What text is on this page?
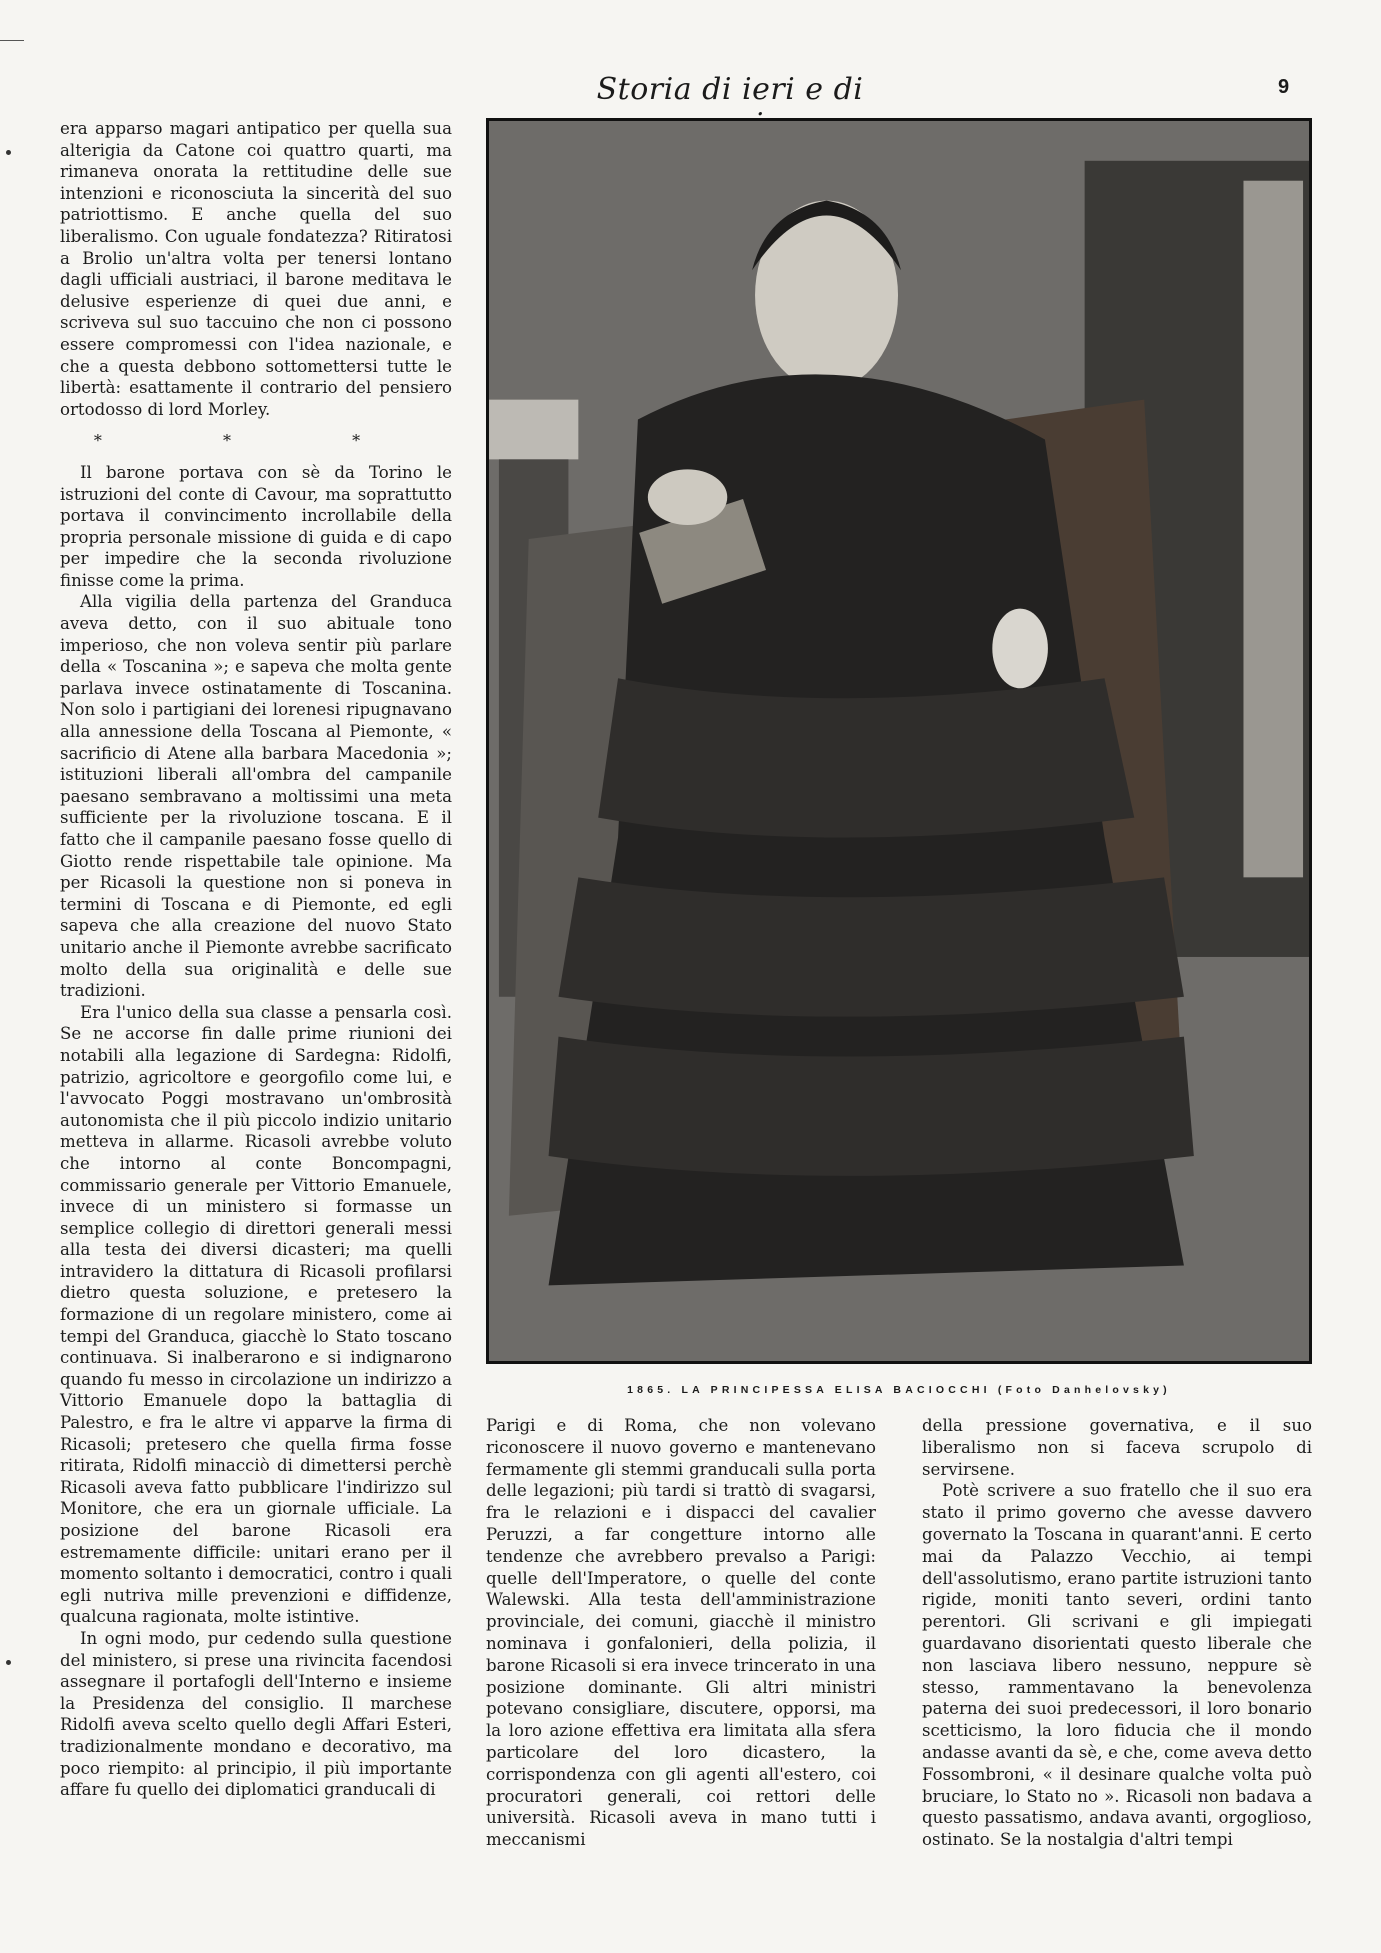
Storia di ieri e di	9

era apparso magari antipatico per quella sua alterigia da Catone coi quattro quarti, ma rimaneva onorata la rettitudine delle sue intenzioni e riconosciuta la sincerità del suo patriottismo. E anche quella del suo liberalismo. Con uguale fondatezza? Ritiratosi a Brolio un'altra volta per tenersi lontano dagli ufficiali austriaci, il barone meditava le delusive esperienze di quei due anni, e scriveva sul suo taccuino che non ci possono essere compromessi con l'idea nazionale, e che a questa debbono sottomettersi tutte le libertà: esattamente il contrario del pensiero ortodosso di lord Morley.

* * *

Il barone portava con sè da Torino le istruzioni del conte di Cavour, ma soprattutto portava il convincimento incrollabile della propria personale missione di guida e di capo per impedire che la seconda rivoluzione finisse come la prima.

Alla vigilia della partenza del Granduca aveva detto, con il suo abituale tono imperioso, che non voleva sentir più parlare della « Toscanina »; e sapeva che molta gente parlava invece ostinatamente di Toscanina. Non solo i partigiani dei lorenesi ripugnavano alla annessione della Toscana al Piemonte, « sacrificio di Atene alla barbara Macedonia »; istituzioni liberali all'ombra del campanile paesano sembravano a moltissimi una meta sufficiente per la rivoluzione toscana. E il fatto che il campanile paesano fosse quello di Giotto rende rispettabile tale opinione. Ma per Ricasoli la questione non si poneva in termini di Toscana e di Piemonte, ed egli sapeva che alla creazione del nuovo Stato unitario anche il Piemonte avrebbe sacrificato molto della sua originalità e delle sue tradizioni.

Era l'unico della sua classe a pensarla così. Se ne accorse fin dalle prime riunioni dei notabili alla legazione di Sardegna: Ridolfi, patrizio, agricoltore e georgofilo come lui, e l'avvocato Poggi mostravano un'ombrosità autonomista che il più piccolo indizio unitario metteva in allarme. Ricasoli avrebbe voluto che intorno al conte Boncompagni, commissario generale per Vittorio Emanuele, invece di un ministero si formasse un semplice collegio di direttori generali messi alla testa dei diversi dicasteri; ma quelli intravidero la dittatura di Ricasoli profilarsi dietro questa soluzione, e pretesero la formazione di un regolare ministero, come ai tempi del Granduca, giacchè lo Stato toscano continuava. Si inalberarono e si indignarono quando fu messo in circolazione un indirizzo a Vittorio Emanuele dopo la battaglia di Palestro, e fra le altre vi apparve la firma di Ricasoli; pretesero che quella firma fosse ritirata, Ridolfi minacciò di dimettersi perchè Ricasoli aveva fatto pubblicare l'indirizzo sul Monitore, che era un giornale ufficiale. La posizione del barone Ricasoli era estremamente difficile: unitari erano per il momento soltanto i democratici, contro i quali egli nutriva mille prevenzioni e diffidenze, qualcuna ragionata, molte istintive.

In ogni modo, pur cedendo sulla questione del ministero, si prese una rivincita facendosi assegnare il portafogli dell'Interno e insieme la Presidenza del consiglio. Il marchese Ridolfi aveva scelto quello degli Affari Esteri, tradizionalmente mondano e decorativo, ma poco riempito: al principio, il più importante affare fu quello dei diplomatici granducali di

1865. LA PRINCIPESSA ELISA BACIOCCHI (Foto Danhelovsky)

Parigi e di Roma, che non volevano riconoscere il nuovo governo e mantenevano fermamente gli stemmi granducali sulla porta delle legazioni; più tardi si trattò di svagarsi, fra le relazioni e i dispacci del cavalier Peruzzi, a far congetture intorno alle tendenze che avrebbero prevalso a Parigi: quelle dell'Imperatore, o quelle del conte Walewski. Alla testa dell'amministrazione provinciale, dei comuni, giacchè il ministro nominava i gonfalonieri, della polizia, il barone Ricasoli si era invece trincerato in una posizione dominante. Gli altri ministri potevano consigliare, discutere, opporsi, ma la loro azione effettiva era limitata alla sfera particolare del loro dicastero, la corrispondenza con gli agenti all'estero, coi procuratori generali, coi rettori delle università. Ricasoli aveva in mano tutti i meccanismi

della pressione governativa, e il suo liberalismo non si faceva scrupolo di servirsene.

Potè scrivere a suo fratello che il suo era stato il primo governo che avesse davvero governato la Toscana in quarant'anni. E certo mai da Palazzo Vecchio, ai tempi dell'assolutismo, erano partite istruzioni tanto rigide, moniti tanto severi, ordini tanto perentori. Gli scrivani e gli impiegati guardavano disorientati questo liberale che non lasciava libero nessuno, neppure sè stesso, rammentavano la benevolenza paterna dei suoi predecessori, il loro bonario scetticismo, la loro fiducia che il mondo andasse avanti da sè, e che, come aveva detto Fossombroni, « il desinare qualche volta può bruciare, lo Stato no ». Ricasoli non badava a questo passatismo, andava avanti, orgoglioso, ostinato. Se la nostalgia d'altri tempi
